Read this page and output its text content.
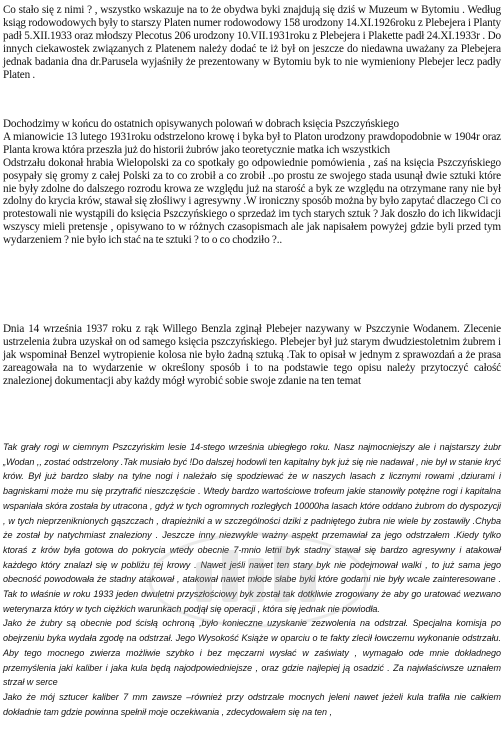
Co stało się z nimi ? , wszystko wskazuje na to że obydwa byki znajdują się dziś w Muzeum w Bytomiu . Według ksiąg rodowodowych były to starszy Platen numer rodowodowy 158 urodzony 14.XI.1926roku z Plebejera i Planty padł 5.XII.1933 oraz młodszy Plecotus 206 urodzony 10.VII.1931roku z Plebejera i Plakette padł 24.XI.1933r . Do innych ciekawostek związanych z Platenem należy dodać te iż był on jeszcze do niedawna uważany za Plebejera jednak badania dna dr.Parusela wyjaśniły że prezentowany w Bytomiu byk to nie wymieniony Plebejer lecz padły Platen .

Dochodzimy w końcu do ostatnich opisywanych polowań w dobrach księcia Pszczyńskiego

A mianowicie 13 lutego 1931roku odstrzelono krowę i byka był to Platon urodzony prawdopodobnie w 1904r oraz Planta krowa która przeszła już do historii żubrów jako teoretycznie matka ich wszystkich

Odstrzału dokonał hrabia Wielopolski za co spotkały go odpowiednie pomówienia , zaś na księcia Pszczyńskiego posypały się gromy z całej Polski za to co zrobił a co zrobił ..po prostu ze swojego stada usunął dwie sztuki które nie były zdolne do dalszego rozrodu krowa ze względu już na starość a byk ze względu na otrzymane rany nie był zdolny do krycia krów, stawał się złośliwy i agresywny .W ironiczny sposób można by było zapytać dlaczego Ci co protestowali nie wystąpili do księcia Pszczyńskiego o sprzedaż im tych starych sztuk ? Jak doszło do ich likwidacji wszyscy mieli pretensje , opisywano to w różnych czasopismach ale jak napisałem powyżej gdzie byli przed tym wydarzeniem ? nie było ich stać na te sztuki ? to o co chodziło ?..

Dnia 14 września 1937 roku z rąk Willego Benzla zginął Plebejer nazywany w Pszczynie Wodanem. Zlecenie ustrzelenia żubra uzyskał on od samego księcia pszczyńskiego. Plebejer był już starym dwudziestoletnim żubrem i jak wspominał Benzel wytropienie kolosa nie było żadną sztuką .Tak to opisał w jednym z sprawozdań a że prasa zareagowała na to wydarzenie w określony sposób i to na podstawie tego opisu należy przytoczyć całość znalezionej dokumentacji aby każdy mógł wyrobić sobie swoje zdanie na ten temat

Tak grały rogi w ciemnym Pszczyńskim lesie 14-stego września ubiegłego roku. Nasz najmocniejszy ale i najstarszy żubr „Wodan ,, zostać odstrzelony .Tak musiało być !Do dalszej hodowli ten kapitalny byk już się nie nadawał , nie był w stanie kryć krów. Był już bardzo słaby na tylne nogi i należało się spodziewać że w naszych lasach z licznymi rowami ,dziurami i bagniskami może mu się przytrafić nieszczęście . Wtedy bardzo wartościowe trofeum jakie stanowiły potężne rogi i kapitalna wspaniała skóra została by utracona , gdyż w tych ogromnych rozległych 10000ha lasach które oddano żubrom do dyspozycji , w tych nieprzeniknionych gąszczach , drapieżniki a w szczególności dziki z padniętego żubra nie wiele by zostawiły .Chyba że został by natychmiast znaleziony . Jeszcze inny niezwykle ważny aspekt przemawiał za jego odstrzałem .Kiedy tylko ktoraś z krów była gotowa do pokrycia wtedy obecnie 7-mnio letni byk stadny stawał się bardzo agresywny i atakował każdego który znalazł się w pobliżu tej krowy . Nawet jeśli nawet ten stary byk nie podejmował walki , to już sama jego obecność powodowała że stadny atakował , atakował nawet młode słabe byki które godami nie były wcale zainteresowane . Tak to właśnie w roku 1933 jeden dwuletni przyszłościowy byk został tak dotkliwie zrogowany że aby go uratować wezwano weterynarza który w tych ciężkich warunkach podjął się operacji , która się jednak nie powiodła.

Jako że żubry są obecnie pod ścisłą ochroną ,było konieczne uzyskanie zezwolenia na odstrzał. Specjalna komisja po obejrzeniu byka wydała zgodę na odstrzał. Jego Wysokość Książe w oparciu o te fakty zlecił łowczemu wykonanie odstrzału. Aby tego mocnego zwierza możliwie szybko i bez męczarni wysłać w zaświaty , wymagało ode mnie dokładnego przemyślenia jaki kaliber i jaka kula będą najodpowiedniejsze , oraz gdzie najlepiej ją osadzić . Za najwłaściwsze uznałem strzał w serce

Jako że mój sztucer kaliber 7 mm zawsze –również przy odstrzale mocnych jeleni nawet jeżeli kula trafiła nie całkiem dokładnie tam gdzie powinna spełnił moje oczekiwania , zdecydowałem się na ten ,
